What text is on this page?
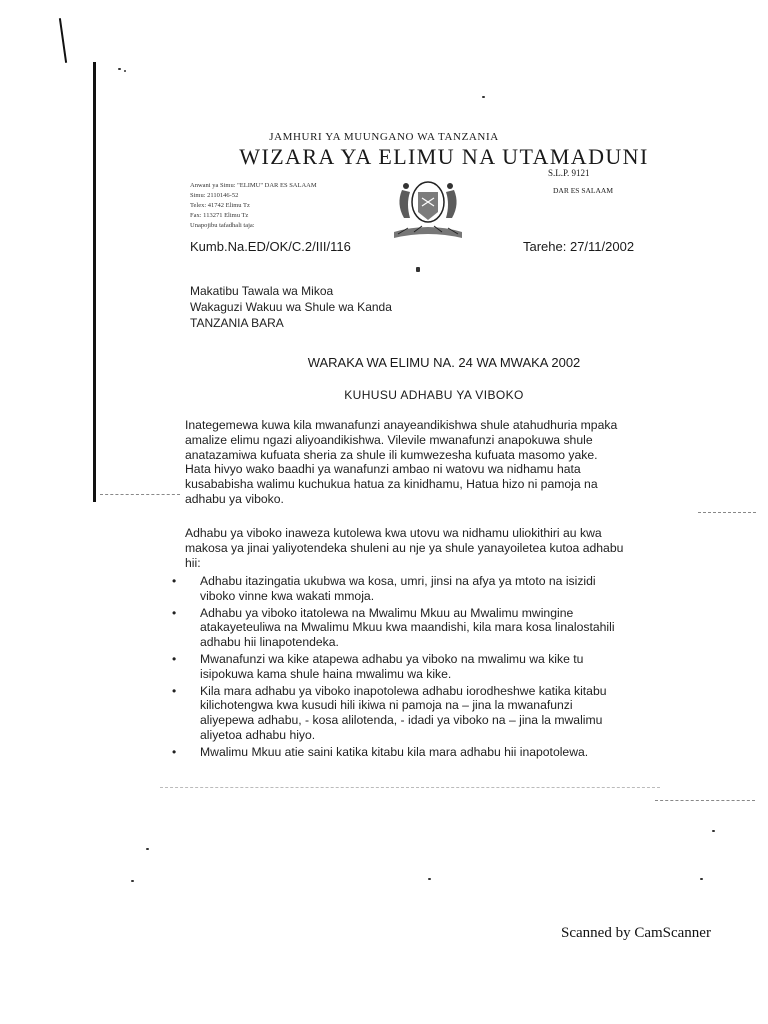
JAMHURI YA MUUNGANO WA TANZANIA
WIZARA YA ELIMU NA UTAMADUNI
S.L.P. 9121
DAR ES SALAAM
Anwani ya Simu: "ELIMU" DAR ES SALAAM
Simu: 2110146-52
Telex: 41742 Elimu Tz
Fax: 113271 Elimu Tz
Unapojibu tafadhali taja:
Kumb.Na.ED/OK/C.2/III/116	Tarehe: 27/11/2002
Makatibu Tawala wa Mikoa
Wakaguzi Wakuu wa Shule wa Kanda
TANZANIA BARA
WARAKA WA ELIMU NA. 24 WA MWAKA 2002
KUHUSU ADHABU YA VIBOKO
Inategemewa kuwa kila mwanafunzi anayeandikishwa shule atahudhuria mpaka
amalize elimu ngazi aliyoandikishwa. Vilevile mwanafunzi anapokuwa shule
anatazamiwa kufuata sheria za shule ili kumwezesha kufuata masomo yake.
Hata hivyo wako baadhi ya wanafunzi ambao ni watovu wa nidhamu hata
kusababisha walimu kuchukua hatua za kinidhamu, Hatua hizo ni pamoja na
adhabu ya viboko.
Adhabu ya viboko inaweza kutolewa kwa utovu wa nidhamu uliokithiri au kwa
makosa ya jinai yaliyotendeka shuleni au nje ya shule yanayoiletea kutoa adhabu
hii:
• Adhabu itazingatia ukubwa wa kosa, umri, jinsi na afya ya mtoto na isizidi
viboko vinne kwa wakati mmoja.
• Adhabu ya viboko itatolewa na Mwalimu Mkuu au Mwalimu mwingine
atakayeteuliwa na Mwalimu Mkuu kwa maandishi, kila mara kosa linalostahili
adhabu hii linapotendeka.
• Mwanafunzi wa kike atapewa adhabu ya viboko na mwalimu wa kike tu
isipokuwa kama shule haina mwalimu wa kike.
• Kila mara adhabu ya viboko inapotolewa adhabu iorodheshwe katika kitabu
kilichotengwa kwa kusudi hili ikiwa ni pamoja na – jina la mwanafunzi
aliyepewa adhabu, - kosa alilotenda, - idadi ya viboko na – jina la mwalimu
aliyetoa adhabu hiyo.
• Mwalimu Mkuu atie saini katika kitabu kila mara adhabu hii inapotolewa.
Scanned by CamScanner
